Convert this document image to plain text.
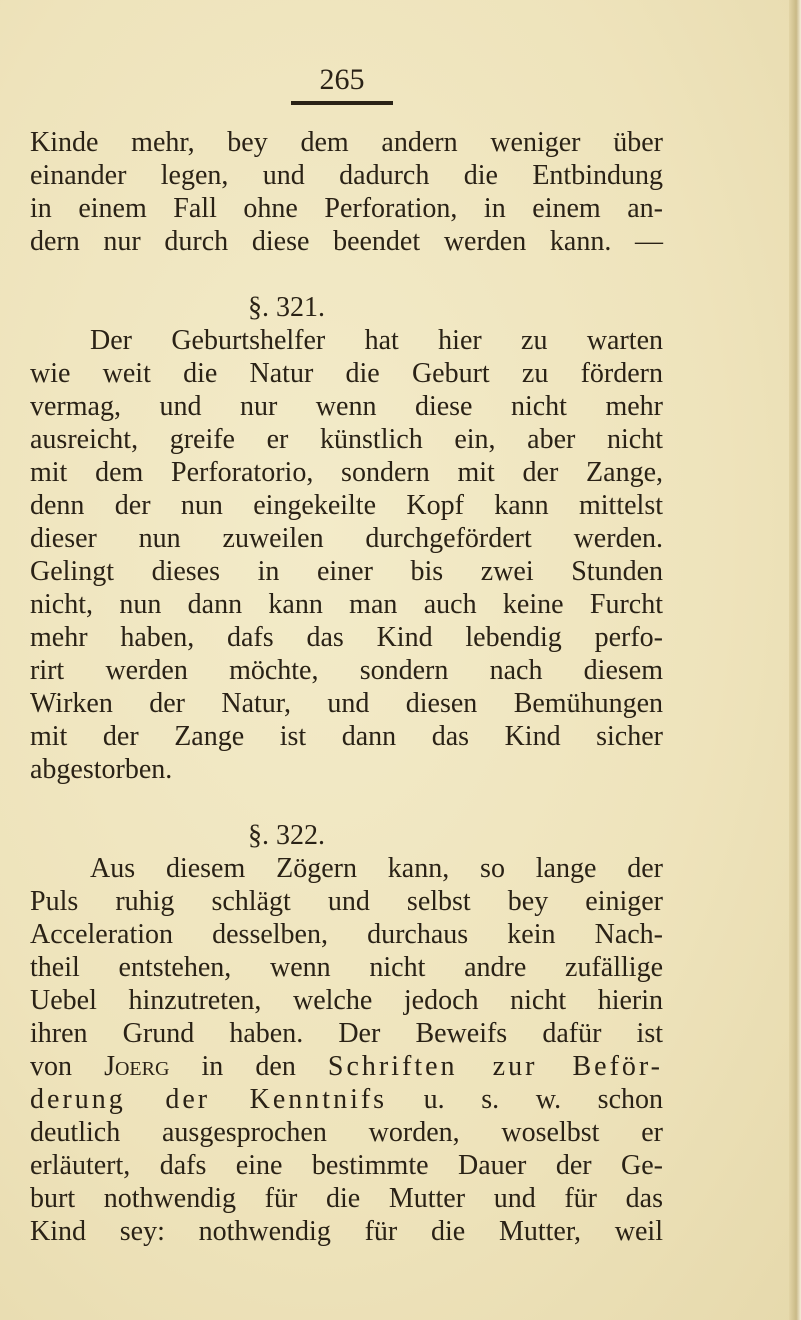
265
Kinde mehr, bey dem andern weniger über
einander legen, und dadurch die Entbindung
in einem Fall ohne Perforation, in einem an-
dern nur durch diese beendet werden kann. —
§. 321.
Der Geburtshelfer hat hier zu warten
wie weit die Natur die Geburt zu fördern
vermag, und nur wenn diese nicht mehr
ausreicht, greife er künstlich ein, aber nicht
mit dem Perforatorio, sondern mit der Zange,
denn der nun eingekeilte Kopf kann mittelst
dieser nun zuweilen durchgefördert werden.
Gelingt dieses in einer bis zwei Stunden
nicht, nun dann kann man auch keine Furcht
mehr haben, dafs das Kind lebendig perfo-
rirt werden möchte, sondern nach diesem
Wirken der Natur, und diesen Bemühungen
mit der Zange ist dann das Kind sicher
abgestorben.
§. 322.
Aus diesem Zögern kann, so lange der
Puls ruhig schlägt und selbst bey einiger
Acceleration desselben, durchaus kein Nach-
theil entstehen, wenn nicht andre zufällige
Uebel hinzutreten, welche jedoch nicht hierin
ihren Grund haben. Der Beweifs dafür ist
von Joerg in den Schriften zur Beför-
derung der Kenntnifs u. s. w. schon
deutlich ausgesprochen worden, woselbst er
erläutert, dafs eine bestimmte Dauer der Ge-
burt nothwendig für die Mutter und für das
Kind sey: nothwendig für die Mutter, weil
